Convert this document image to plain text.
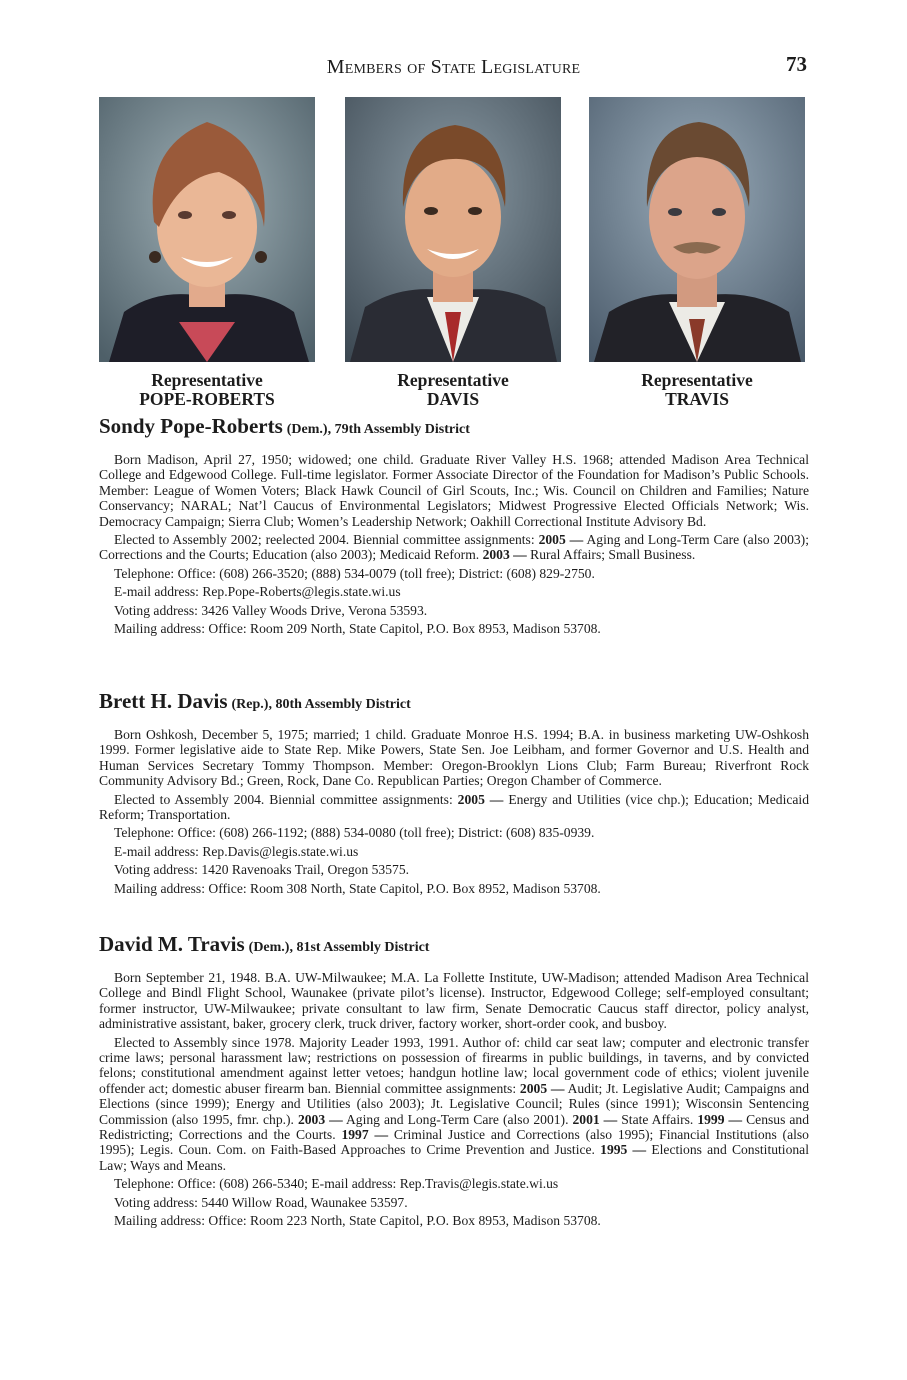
Members of State Legislature	73
Representative
POPE-ROBERTS
Representative
DAVIS
Representative
TRAVIS
Sondy Pope-Roberts (Dem.), 79th Assembly District

Born Madison, April 27, 1950; widowed; one child. Graduate River Valley H.S. 1968; attended Madison Area Technical College and Edgewood College. Full-time legislator. Former Associate Director of the Foundation for Madison’s Public Schools. Member: League of Women Voters; Black Hawk Council of Girl Scouts, Inc.; Wis. Council on Children and Families; Nature Conservancy; NARAL; Nat’l Caucus of Environmental Legislators; Midwest Progressive Elected Officials Network; Wis. Democracy Campaign; Sierra Club; Women’s Leadership Network; Oakhill Correctional Institute Advisory Bd.

Elected to Assembly 2002; reelected 2004. Biennial committee assignments: 2005 — Aging and Long-Term Care (also 2003); Corrections and the Courts; Education (also 2003); Medicaid Reform. 2003 — Rural Affairs; Small Business.

Telephone: Office: (608) 266-3520; (888) 534-0079 (toll free); District: (608) 829-2750.

E-mail address: Rep.Pope-Roberts@legis.state.wi.us

Voting address: 3426 Valley Woods Drive, Verona 53593.

Mailing address: Office: Room 209 North, State Capitol, P.O. Box 8953, Madison 53708.

Brett H. Davis (Rep.), 80th Assembly District

Born Oshkosh, December 5, 1975; married; 1 child. Graduate Monroe H.S. 1994; B.A. in business marketing UW-Oshkosh 1999. Former legislative aide to State Rep. Mike Powers, State Sen. Joe Leibham, and former Governor and U.S. Health and Human Services Secretary Tommy Thompson. Member: Oregon-Brooklyn Lions Club; Farm Bureau; Riverfront Rock Community Advisory Bd.; Green, Rock, Dane Co. Republican Parties; Oregon Chamber of Commerce.

Elected to Assembly 2004. Biennial committee assignments: 2005 — Energy and Utilities (vice chp.); Education; Medicaid Reform; Transportation.

Telephone: Office: (608) 266-1192; (888) 534-0080 (toll free); District: (608) 835-0939.

E-mail address: Rep.Davis@legis.state.wi.us

Voting address: 1420 Ravenoaks Trail, Oregon 53575.

Mailing address: Office: Room 308 North, State Capitol, P.O. Box 8952, Madison 53708.

David M. Travis (Dem.), 81st Assembly District

Born September 21, 1948. B.A. UW-Milwaukee; M.A. La Follette Institute, UW-Madison; attended Madison Area Technical College and Bindl Flight School, Waunakee (private pilot’s license). Instructor, Edgewood College; self-employed consultant; former instructor, UW-Milwaukee; private consultant to law firm, Senate Democratic Caucus staff director, policy analyst, administrative assistant, baker, grocery clerk, truck driver, factory worker, short-order cook, and busboy.

Elected to Assembly since 1978. Majority Leader 1993, 1991. Author of: child car seat law; computer and electronic transfer crime laws; personal harassment law; restrictions on possession of firearms in public buildings, in taverns, and by convicted felons; constitutional amendment against letter vetoes; handgun hotline law; local government code of ethics; violent juvenile offender act; domestic abuser firearm ban. Biennial committee assignments: 2005 — Audit; Jt. Legislative Audit; Campaigns and Elections (since 1999); Energy and Utilities (also 2003); Jt. Legislative Council; Rules (since 1991); Wisconsin Sentencing Commission (also 1995, fmr. chp.). 2003 — Aging and Long-Term Care (also 2001). 2001 — State Affairs. 1999 — Census and Redistricting; Corrections and the Courts. 1997 — Criminal Justice and Corrections (also 1995); Financial Institutions (also 1995); Legis. Coun. Com. on Faith-Based Approaches to Crime Prevention and Justice. 1995 — Elections and Constitutional Law; Ways and Means.

Telephone: Office: (608) 266-5340; E-mail address: Rep.Travis@legis.state.wi.us

Voting address: 5440 Willow Road, Waunakee 53597.

Mailing address: Office: Room 223 North, State Capitol, P.O. Box 8953, Madison 53708.
